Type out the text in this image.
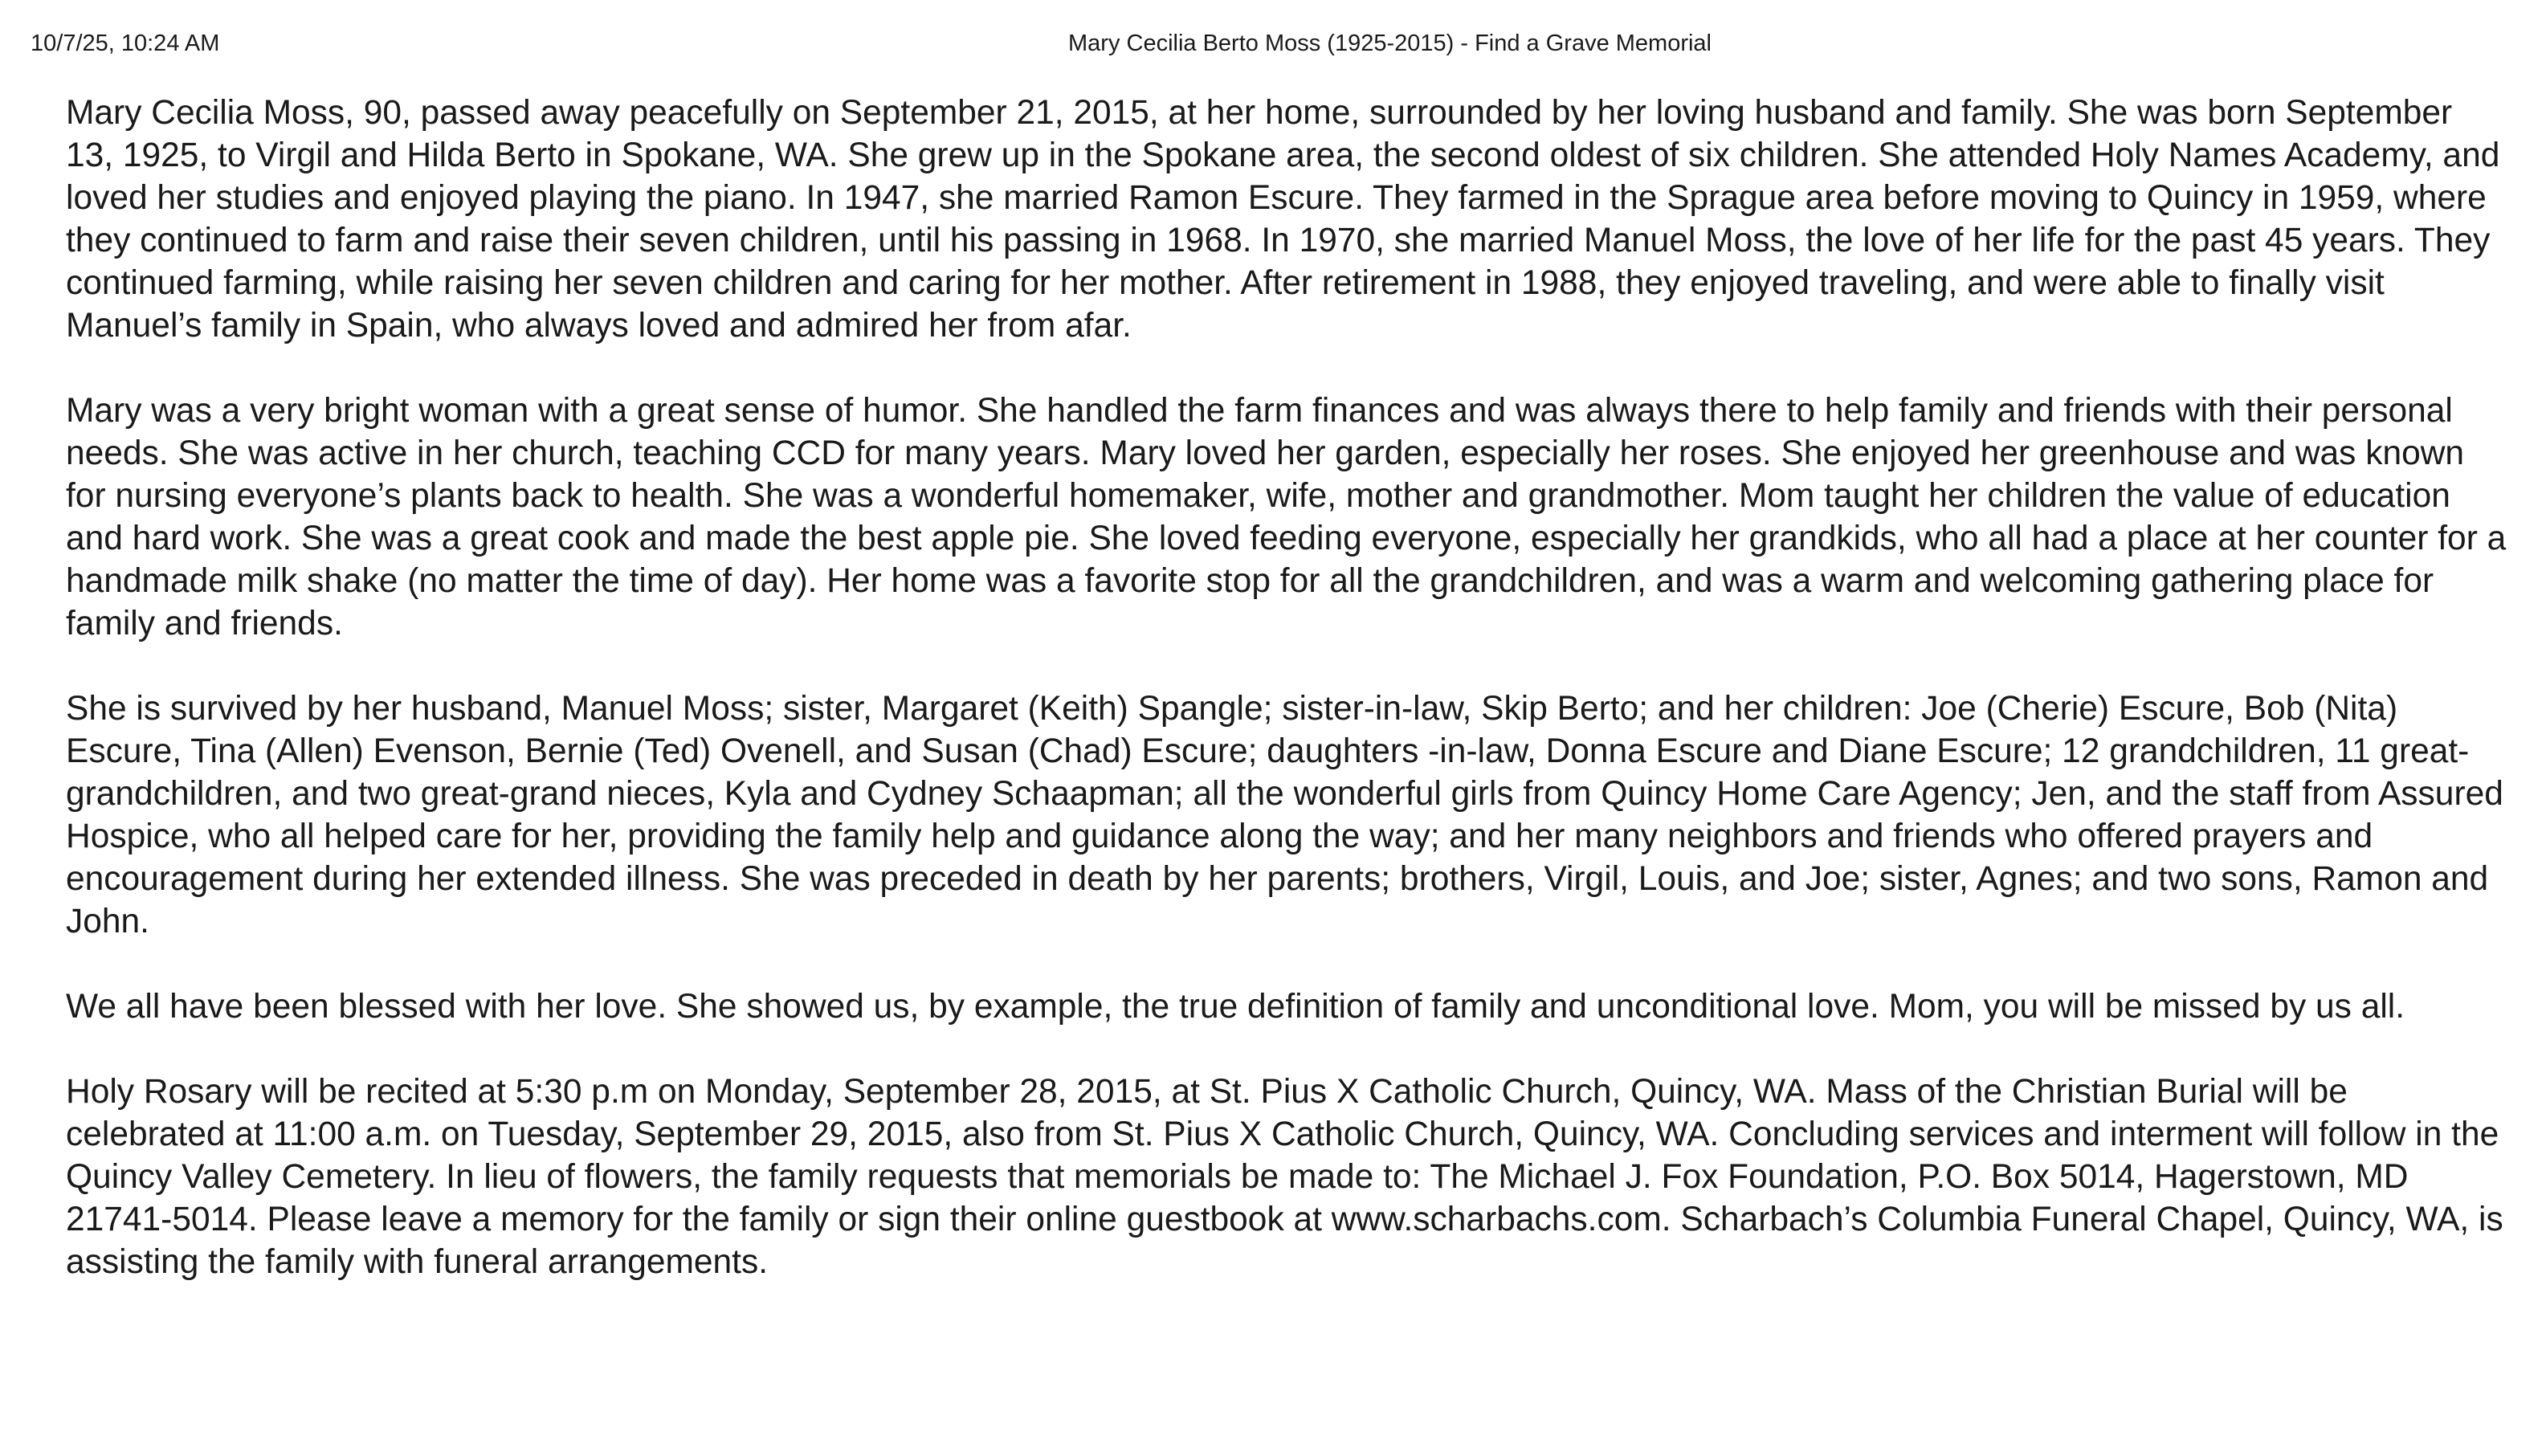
10/7/25, 10:24 AM	Mary Cecilia Berto Moss (1925-2015) - Find a Grave Memorial

Mary Cecilia Moss, 90, passed away peacefully on September 21, 2015, at her home, surrounded by her loving husband and family. She was born September 13, 1925, to Virgil and Hilda Berto in Spokane, WA. She grew up in the Spokane area, the second oldest of six children. She attended Holy Names Academy, and loved her studies and enjoyed playing the piano. In 1947, she married Ramon Escure. They farmed in the Sprague area before moving to Quincy in 1959, where they continued to farm and raise their seven children, until his passing in 1968. In 1970, she married Manuel Moss, the love of her life for the past 45 years. They continued farming, while raising her seven children and caring for her mother. After retirement in 1988, they enjoyed traveling, and were able to finally visit Manuel’s family in Spain, who always loved and admired her from afar.

Mary was a very bright woman with a great sense of humor. She handled the farm finances and was always there to help family and friends with their personal needs. She was active in her church, teaching CCD for many years. Mary loved her garden, especially her roses. She enjoyed her greenhouse and was known for nursing everyone’s plants back to health. She was a wonderful homemaker, wife, mother and grandmother. Mom taught her children the value of education and hard work. She was a great cook and made the best apple pie. She loved feeding everyone, especially her grandkids, who all had a place at her counter for a handmade milk shake (no matter the time of day). Her home was a favorite stop for all the grandchildren, and was a warm and welcoming gathering place for family and friends.

She is survived by her husband, Manuel Moss; sister, Margaret (Keith) Spangle; sister-in-law, Skip Berto; and her children: Joe (Cherie) Escure, Bob (Nita) Escure, Tina (Allen) Evenson, Bernie (Ted) Ovenell, and Susan (Chad) Escure; daughters -in-law, Donna Escure and Diane Escure; 12 grandchildren, 11 great-grandchildren, and two great-grand nieces, Kyla and Cydney Schaapman; all the wonderful girls from Quincy Home Care Agency; Jen, and the staff from Assured Hospice, who all helped care for her, providing the family help and guidance along the way; and her many neighbors and friends who offered prayers and encouragement during her extended illness. She was preceded in death by her parents; brothers, Virgil, Louis, and Joe; sister, Agnes; and two sons, Ramon and John.

We all have been blessed with her love. She showed us, by example, the true definition of family and unconditional love. Mom, you will be missed by us all.

Holy Rosary will be recited at 5:30 p.m on Monday, September 28, 2015, at St. Pius X Catholic Church, Quincy, WA. Mass of the Christian Burial will be celebrated at 11:00 a.m. on Tuesday, September 29, 2015, also from St. Pius X Catholic Church, Quincy, WA. Concluding services and interment will follow in the Quincy Valley Cemetery. In lieu of flowers, the family requests that memorials be made to: The Michael J. Fox Foundation, P.O. Box 5014, Hagerstown, MD 21741-5014. Please leave a memory for the family or sign their online guestbook at www.scharbachs.com. Scharbach’s Columbia Funeral Chapel, Quincy, WA, is assisting the family with funeral arrangements.
